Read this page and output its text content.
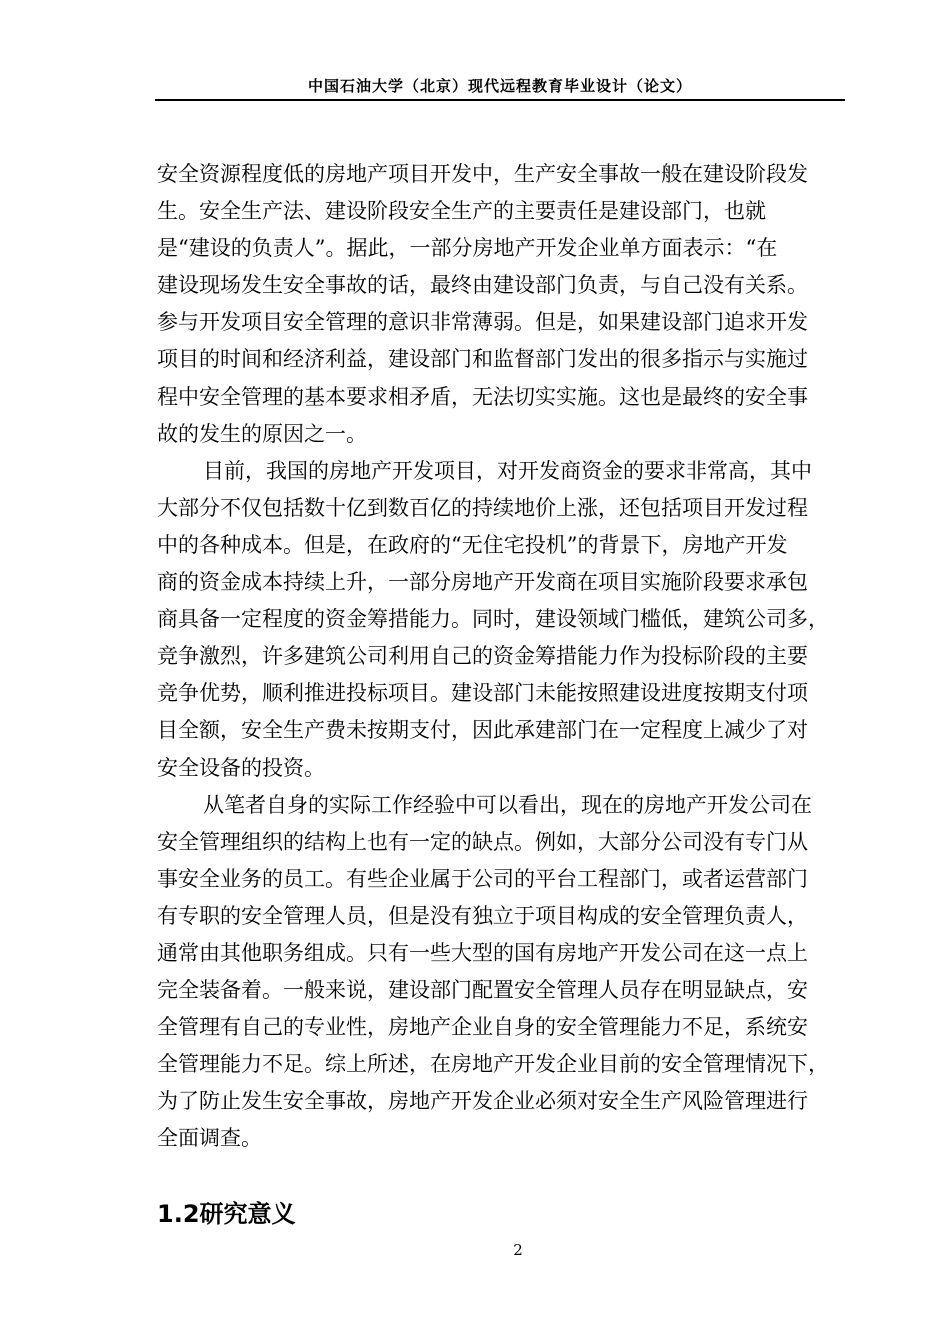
中国石油大学（北京）现代远程教育毕业设计（论文）
安全资源程度低的房地产项目开发中，生产安全事故一般在建设阶段发
生。安全生产法、建设阶段安全生产的主要责任是建设部门，也就
是“建设的负责人”。据此，一部分房地产开发企业单方面表示：“在
建设现场发生安全事故的话，最终由建设部门负责，与自己没有关系。
参与开发项目安全管理的意识非常薄弱。但是，如果建设部门追求开发
项目的时间和经济利益，建设部门和监督部门发出的很多指示与实施过
程中安全管理的基本要求相矛盾，无法切实实施。这也是最终的安全事
故的发生的原因之一。
目前，我国的房地产开发项目，对开发商资金的要求非常高，其中
大部分不仅包括数十亿到数百亿的持续地价上涨，还包括项目开发过程
中的各种成本。但是，在政府的“无住宅投机”的背景下，房地产开发
商的资金成本持续上升，一部分房地产开发商在项目实施阶段要求承包
商具备一定程度的资金筹措能力。同时，建设领域门槛低，建筑公司多，
竞争激烈，许多建筑公司利用自己的资金筹措能力作为投标阶段的主要
竞争优势，顺利推进投标项目。建设部门未能按照建设进度按期支付项
目全额，安全生产费未按期支付，因此承建部门在一定程度上减少了对
安全设备的投资。
从笔者自身的实际工作经验中可以看出，现在的房地产开发公司在
安全管理组织的结构上也有一定的缺点。例如，大部分公司没有专门从
事安全业务的员工。有些企业属于公司的平台工程部门，或者运营部门
有专职的安全管理人员，但是没有独立于项目构成的安全管理负责人，
通常由其他职务组成。只有一些大型的国有房地产开发公司在这一点上
完全装备着。一般来说，建设部门配置安全管理人员存在明显缺点，安
全管理有自己的专业性，房地产企业自身的安全管理能力不足，系统安
全管理能力不足。综上所述，在房地产开发企业目前的安全管理情况下，
为了防止发生安全事故，房地产开发企业必须对安全生产风险管理进行
全面调查。
1.2研究意义
2
